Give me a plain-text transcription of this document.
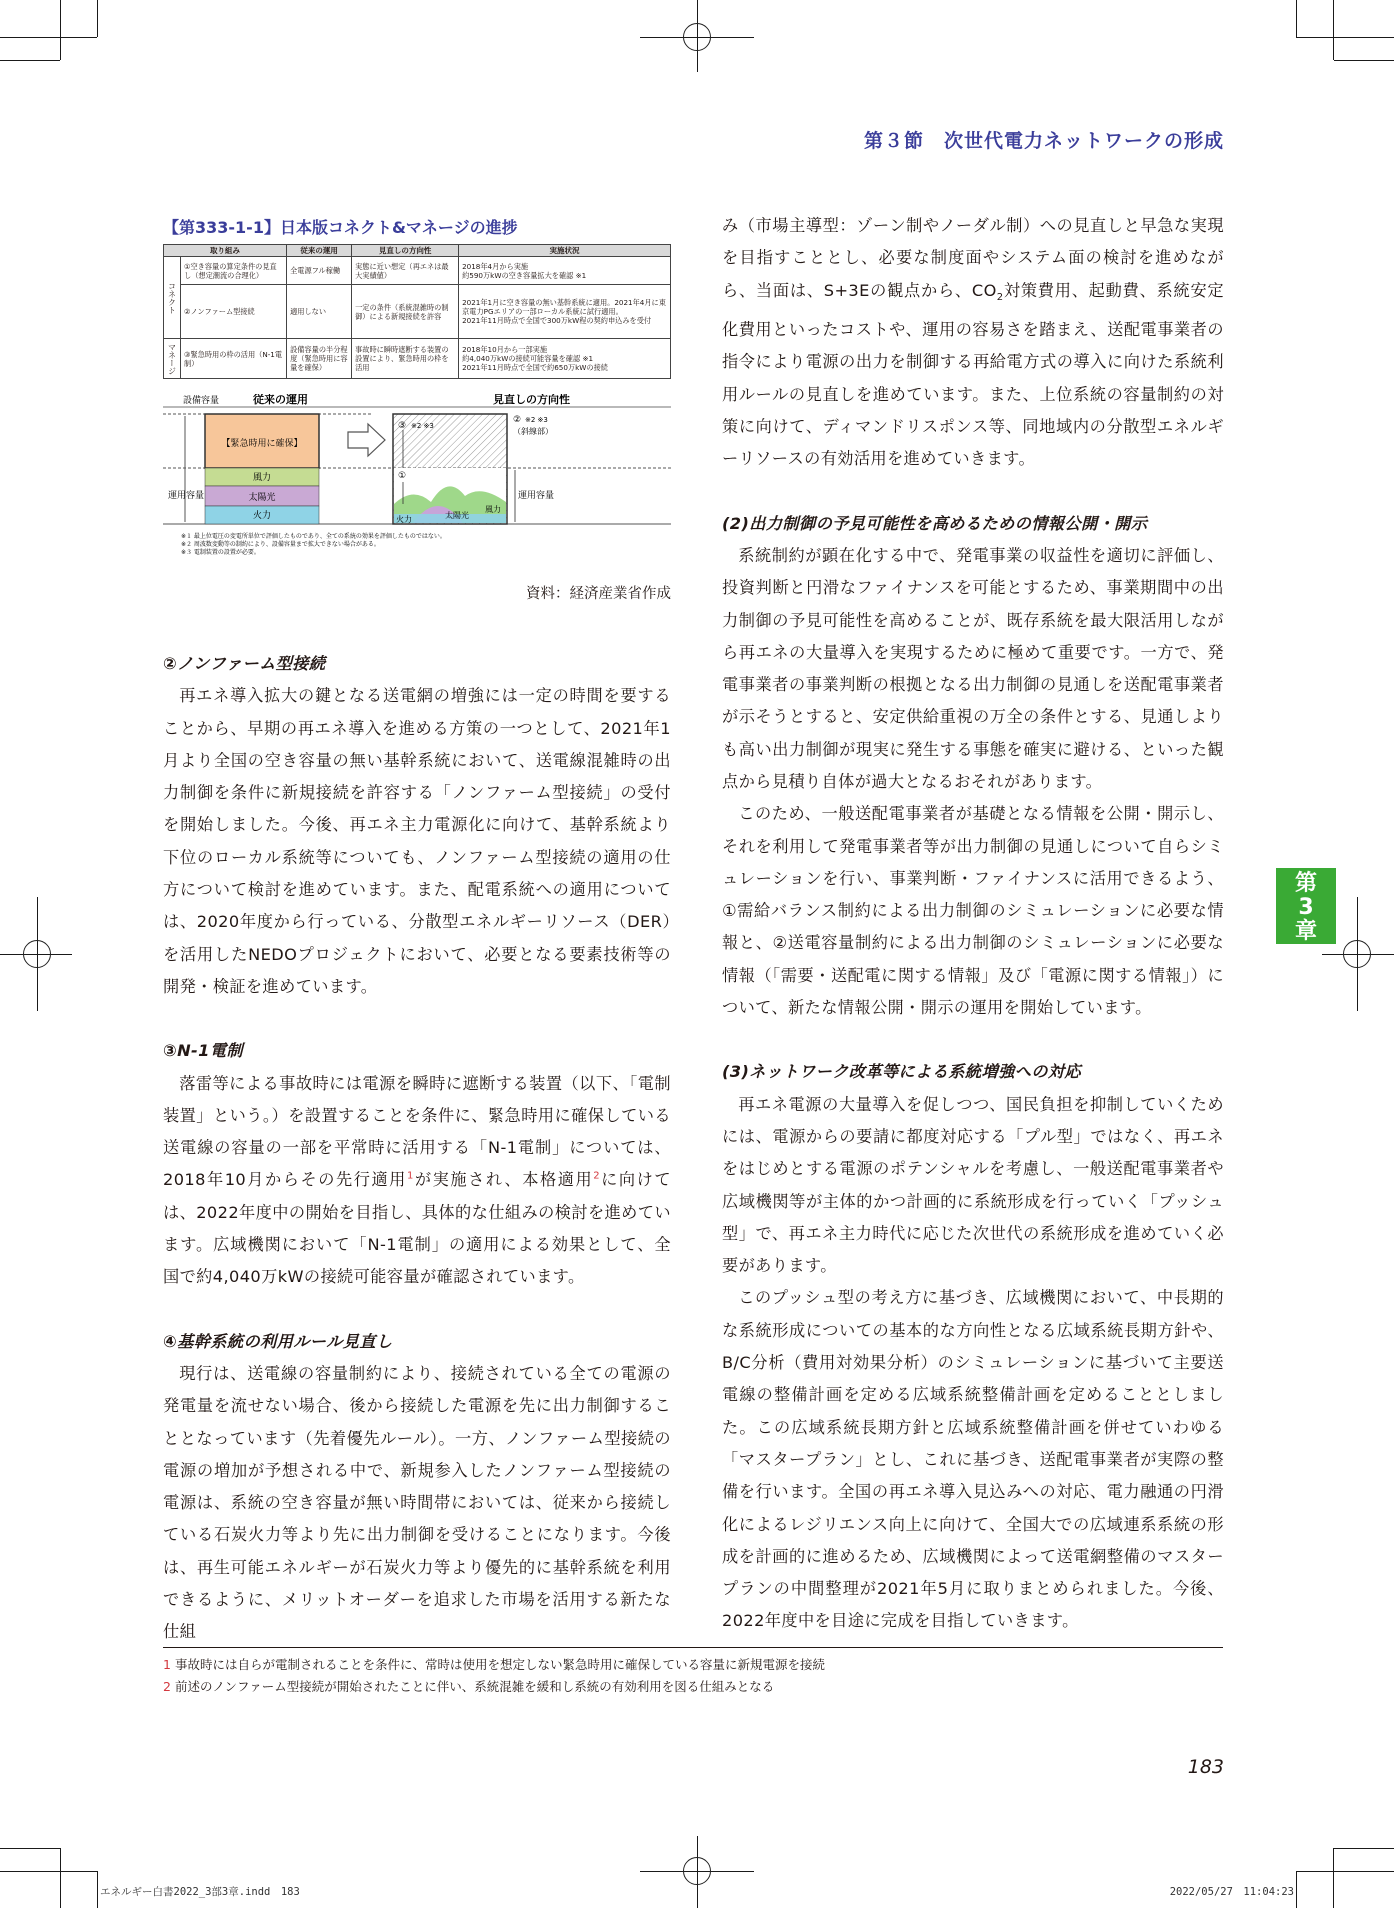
第３節　次世代電力ネットワークの形成
【第333-1-1】日本版コネクト&マネージの進捗
取り組み		従来の運用	見直しの方向性	実施状況
コネクト	①空き容量の算定条件の見直し（想定潮流の合理化）	全電源フル稼働	実態に近い想定（再エネは最大実績値）	2018年4月から実施
約590万kWの空き容量拡大を確認 ※1
	②ノンファーム型接続	適用しない	一定の条件（系統混雑時の制御）による新規接続を許容	2021年1月に空き容量の無い基幹系統に適用。2021年4月に東京電力PGエリアの一部ローカル系統に試行適用。
2021年11月時点で全国で300万kW程の契約申込みを受付
マネージ	③緊急時用の枠の活用（N-1電制）	設備容量の半分程度（緊急時用に容量を確保）	事故時に瞬時遮断する装置の設置により、緊急時用の枠を活用	2018年10月から一部実施
約4,040万kWの接続可能容量を確認 ※1
2021年11月時点で全国で約650万kWの接続
設備容量	従来の運用	見直しの方向性
【緊急時用に確保】
風力
太陽光
火力
運用容量
火力	太陽光
風力
③ ※2 ※3
①
② ※2 ※3
（斜線部）
運用容量
※１ 最上位電圧の変電所単位で評価したものであり、全ての系統の効果を評価したものではない。
※２ 周波数変動等の制約により、設備容量まで拡大できない場合がある。
※３ 電制装置の設置が必要。
資料：経済産業省作成
②ノンファーム型接続

再エネ導入拡大の鍵となる送電網の増強には一定の時間を要することから、早期の再エネ導入を進める方策の一つとして、2021年1月より全国の空き容量の無い基幹系統において、送電線混雑時の出力制御を条件に新規接続を許容する「ノンファーム型接続」の受付を開始しました。今後、再エネ主力電源化に向けて、基幹系統より下位のローカル系統等についても、ノンファーム型接続の適用の仕方について検討を進めています。また、配電系統への適用については、2020年度から行っている、分散型エネルギーリソース（DER）を活用したNEDOプロジェクトにおいて、必要となる要素技術等の開発・検証を進めています。

③N-1電制

落雷等による事故時には電源を瞬時に遮断する装置（以下、「電制装置」という。）を設置することを条件に、緊急時用に確保している送電線の容量の一部を平常時に活用する「N-1電制」については、2018年10月からその先行適用$^1$が実施され、本格適用$^2$に向けては、2022年度中の開始を目指し、具体的な仕組みの検討を進めています。広域機関において「N-1電制」の適用による効果として、全国で約4,040万kWの接続可能容量が確認されています。

④基幹系統の利用ルール見直し

現行は、送電線の容量制約により、接続されている全ての電源の発電量を流せない場合、後から接続した電源を先に出力制御することとなっています（先着優先ルール）。一方、ノンファーム型接続の電源の増加が予想される中で、新規参入したノンファーム型接続の電源は、系統の空き容量が無い時間帯においては、従来から接続している石炭火力等より先に出力制御を受けることになります。今後は、再生可能エネルギーが石炭火力等より優先的に基幹系統を利用できるように、メリットオーダーを追求した市場を活用する新たな仕組

み（市場主導型：ゾーン制やノーダル制）への見直しと早急な実現を目指すこととし、必要な制度面やシステム面の検討を進めながら、当面は、S+3Eの観点から、$CO_2$対策費用、起動費、系統安定化費用といったコストや、運用の容易さを踏まえ、送配電事業者の指令により電源の出力を制御する再給電方式の導入に向けた系統利用ルールの見直しを進めています。また、上位系統の容量制約の対策に向けて、ディマンドリスポンス等、同地域内の分散型エネルギーリソースの有効活用を進めていきます。

(2)出力制御の予見可能性を高めるための情報公開・開示

系統制約が顕在化する中で、発電事業の収益性を適切に評価し、投資判断と円滑なファイナンスを可能とするため、事業期間中の出力制御の予見可能性を高めることが、既存系統を最大限活用しながら再エネの大量導入を実現するために極めて重要です。一方で、発電事業者の事業判断の根拠となる出力制御の見通しを送配電事業者が示そうとすると、安定供給重視の万全の条件とする、見通しよりも高い出力制御が現実に発生する事態を確実に避ける、といった観点から見積り自体が過大となるおそれがあります。

このため、一般送配電事業者が基礎となる情報を公開・開示し、それを利用して発電事業者等が出力制御の見通しについて自らシミュレーションを行い、事業判断・ファイナンスに活用できるよう、①需給バランス制約による出力制御のシミュレーションに必要な情報と、②送電容量制約による出力制御のシミュレーションに必要な情報（「需要・送配電に関する情報」及び「電源に関する情報」）について、新たな情報公開・開示の運用を開始しています。

(3)ネットワーク改革等による系統増強への対応

再エネ電源の大量導入を促しつつ、国民負担を抑制していくためには、電源からの要請に都度対応する「プル型」ではなく、再エネをはじめとする電源のポテンシャルを考慮し、一般送配電事業者や広域機関等が主体的かつ計画的に系統形成を行っていく「プッシュ型」で、再エネ主力時代に応じた次世代の系統形成を進めていく必要があります。

このプッシュ型の考え方に基づき、広域機関において、中長期的な系統形成についての基本的な方向性となる広域系統長期方針や、B/C分析（費用対効果分析）のシミュレーションに基づいて主要送電線の整備計画を定める広域系統整備計画を定めることとしました。この広域系統長期方針と広域系統整備計画を併せていわゆる「マスタープラン」とし、これに基づき、送配電事業者が実際の整備を行います。全国の再エネ導入見込みへの対応、電力融通の円滑化によるレジリエンス向上に向けて、全国大での広域連系系統の形成を計画的に進めるため、広域機関によって送電網整備のマスタープランの中間整理が2021年5月に取りまとめられました。今後、2022年度中を目途に完成を目指していきます。

第
3
章
1 事故時には自らが電制されることを条件に、常時は使用を想定しない緊急時用に確保している容量に新規電源を接続
2 前述のノンファーム型接続が開始されたことに伴い、系統混雑を緩和し系統の有効利用を図る仕組みとなる
183
エネルギー白書2022_3部3章.indd　183	2022/05/27　11:04:23
